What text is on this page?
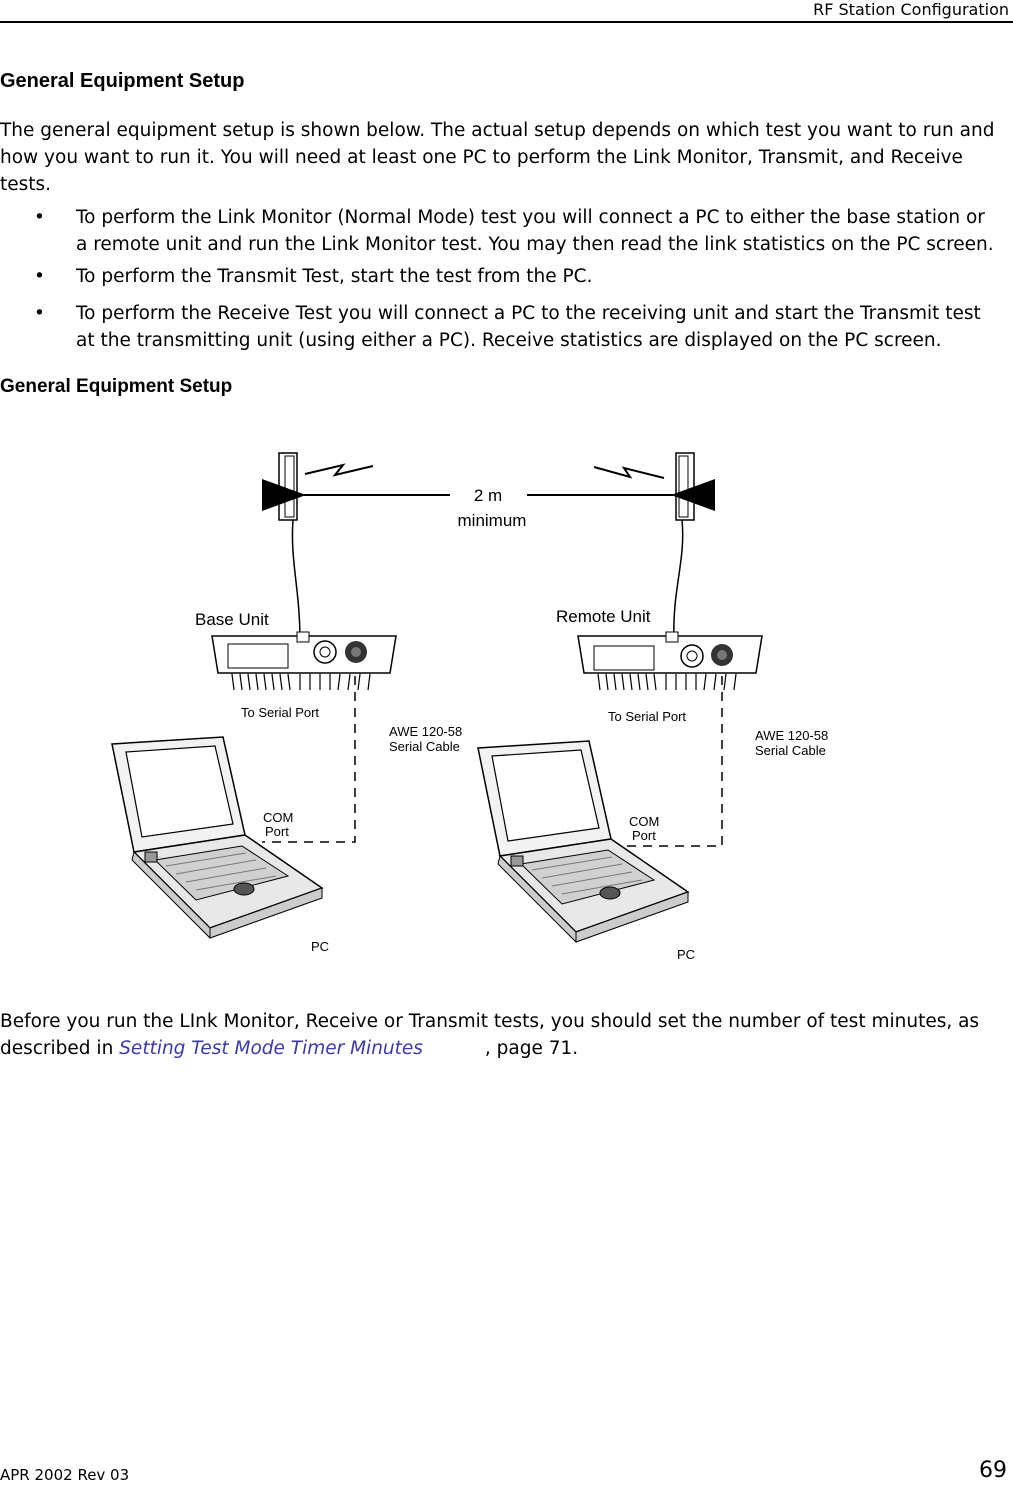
RF Station Configuration
General Equipment Setup

The general equipment setup is shown below. The actual setup depends on which test you want to run and how you want to run it. You will need at least one PC to perform the Link Monitor, Transmit, and Receive tests.

• To perform the Link Monitor (Normal Mode) test you will connect a PC to either the base station or a remote unit and run the Link Monitor test. You may then read the link statistics on the PC screen.
• To perform the Transmit Test, start the test from the PC.
• To perform the Receive Test you will connect a PC to the receiving unit and start the Transmit test at the transmitting unit (using either a PC). Receive statistics are displayed on the PC screen.
General Equipment Setup
2 m
minimum
Base Unit	Remote Unit
To Serial Port	To Serial Port
AWE 120-58
Serial Cable
AWE 120-58
Serial Cable
COM
Port
COM
Port
PC
PC

Before you run the LInk Monitor, Receive or Transmit tests, you should set the number of test minutes, as described in Setting Test Mode Timer Minutes	, page 71.

APR 2002 Rev 03	69
